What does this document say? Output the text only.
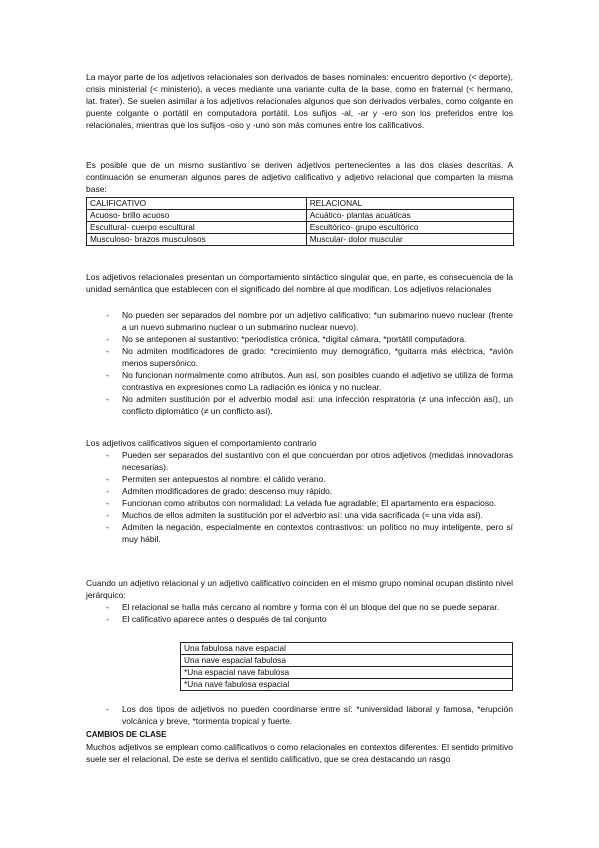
La mayor parte de los adjetivos relacionales son derivados de bases nominales: encuentro deportivo (< deporte), crisis ministerial (< ministerio), a veces mediante una variante culta de la base, como en fraternal (< hermano, lat. frater). Se suelen asimilar a los adjetivos relacionales algunos que son derivados verbales, como colgante en puente colgante o portátil en computadora portátil. Los sufijos -al, -ar y -ero son los preferidos entre los relacionales, mientras que los sufijos -oso y -uno son más comunes entre los calificativos.

Es posible que de un mismo sustantivo se deriven adjetivos pertenecientes a las dos clases descritas. A continuación se enumeran algunos pares de adjetivo calificativo y adjetivo relacional que comparten la misma base:

CALIFICATIVO	RELACIONAL
Acuoso- brillo acuoso	Acuático- plantas acuáticas
Escultural- cuerpo escultural	Escultórico- grupo escultórico
Musculoso- brazos musculosos	Muscular- dolor muscular

Los adjetivos relacionales presentan un comportamiento sintáctico singular que, en parte, es consecuencia de la unidad semántica que establecen con el significado del nombre al que modifican. Los adjetivos relacionales

- No pueden ser separados del nombre por un adjetivo calificativo: *un submarino nuevo nuclear (frente a un nuevo submarino nuclear o un submarino nuclear nuevo).
- No se anteponen al sustantivo: *periodística crónica, *digital cámara, *portátil computadora.
- No admiten modificadores de grado: *crecimiento muy demográfico, *guitarra más eléctrica, *avión menos supersónico.
- No funcionan normalmente como atributos. Aun así, son posibles cuando el adjetivo se utiliza de forma contrastiva en expresiones como La radiación es iónica y no nuclear.
- No admiten sustitución por el adverbio modal así: una infección respiratoria (≠ una infección así), un conflicto diplomático (≠ un conflicto así).

Los adjetivos calificativos siguen el comportamiento contrario

- Pueden ser separados del sustantivo con el que concuerdan por otros adjetivos (medidas innovadoras necesarias).
- Permiten ser antepuestos al nombre: el cálido verano.
- Admiten modificadores de grado: descenso muy rápido.
- Funcionan como atributos con normalidad: La velada fue agradable; El apartamento era espacioso.
- Muchos de ellos admiten la sustitución por el adverbio así: una vida sacrificada (≈ una vida así).
- Admiten la negación, especialmente en contextos contrastivos: un político no muy inteligente, pero sí muy hábil.

Cuando un adjetivo relacional y un adjetivo calificativo coinciden en el mismo grupo nominal ocupan distinto nivel jerárquico:

- El relacional se halla más cercano al nombre y forma con él un bloque del que no se puede separar.
- El calificativo aparece antes o después de tal conjunto
Una fabulosa nave espacial
Una nave espacial fabulosa
*Una espacial nave fabulosa
*Una nave fabulosa espacial
- Los dos tipos de adjetivos no pueden coordinarse entre sí: *universidad laboral y famosa, *erupción volcánica y breve, *tormenta tropical y fuerte.

CAMBIOS DE CLASE

Muchos adjetivos se emplean como calificativos o como relacionales en contextos diferentes. El sentido primitivo suele ser el relacional. De este se deriva el sentido calificativo, que se crea destacando un rasgo
